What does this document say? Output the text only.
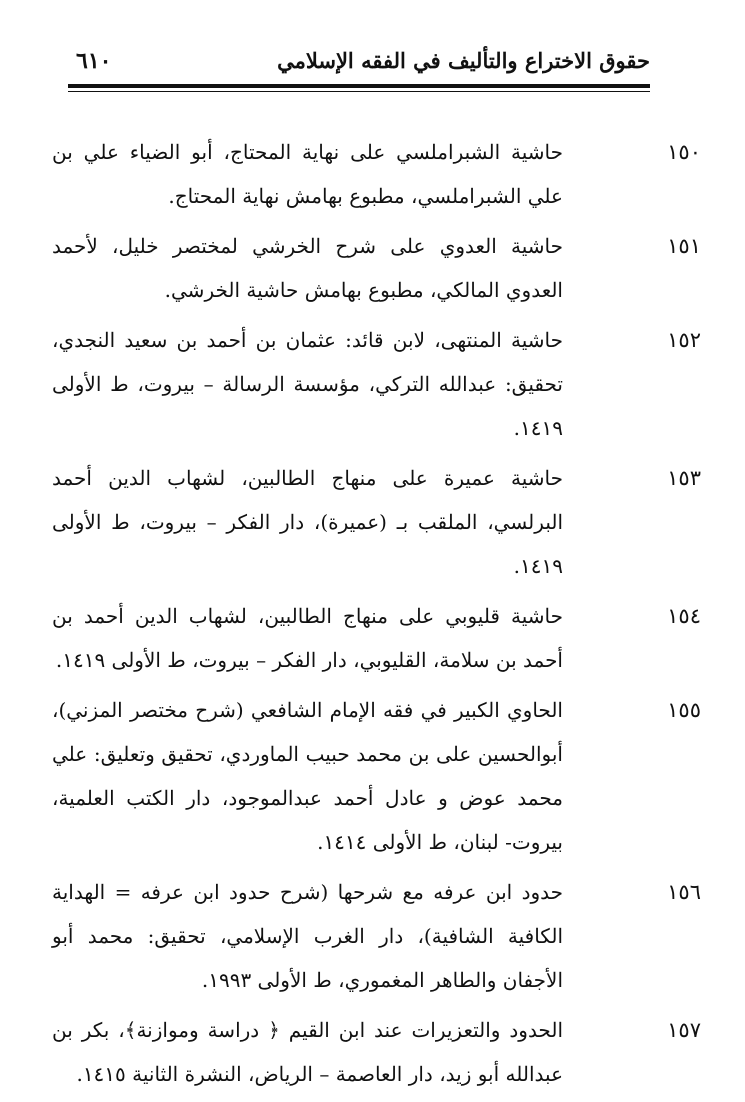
حقوق الاختراع والتأليف في الفقه الإسلامي
٦١٠
١٥٠
حاشية الشبراملسي على نهاية المحتاج، أبو الضياء علي بن علي الشبراملسي، مطبوع بهامش نهاية المحتاج.
١٥١
حاشية العدوي على شرح الخرشي لمختصر خليل، لأحمد العدوي المالكي، مطبوع بهامش حاشية الخرشي.
١٥٢
حاشية المنتهى، لابن قائد: عثمان بن أحمد بن سعيد النجدي، تحقيق: عبدالله التركي، مؤسسة الرسالة – بيروت، ط الأولى ١٤١٩.
١٥٣
حاشية عميرة على منهاج الطالبين، لشهاب الدين أحمد البرلسي، الملقب بـ (عميرة)، دار الفكر – بيروت، ط الأولى ١٤١٩.
١٥٤
حاشية قليوبي على منهاج الطالبين، لشهاب الدين أحمد بن أحمد بن سلامة، القليوبي، دار الفكر – بيروت، ط الأولى ١٤١٩.
١٥٥
الحاوي الكبير في فقه الإمام الشافعي (شرح مختصر المزني)، أبوالحسين على بن محمد حبيب الماوردي، تحقيق وتعليق: علي محمد عوض و عادل أحمد عبدالموجود، دار الكتب العلمية، بيروت- لبنان، ط الأولى ١٤١٤.
١٥٦
حدود ابن عرفه مع شرحها (شرح حدود ابن عرفه = الهداية الكافية الشافية)، دار الغرب الإسلامي، تحقيق: محمد أبو الأجفان والطاهر المغموري، ط الأولى ١٩٩٣.
١٥٧
الحدود والتعزيرات عند ابن القيم ﴿ دراسة وموازنة﴾، بكر بن عبدالله أبو زيد، دار العاصمة – الرياض، النشرة الثانية ١٤١٥.
